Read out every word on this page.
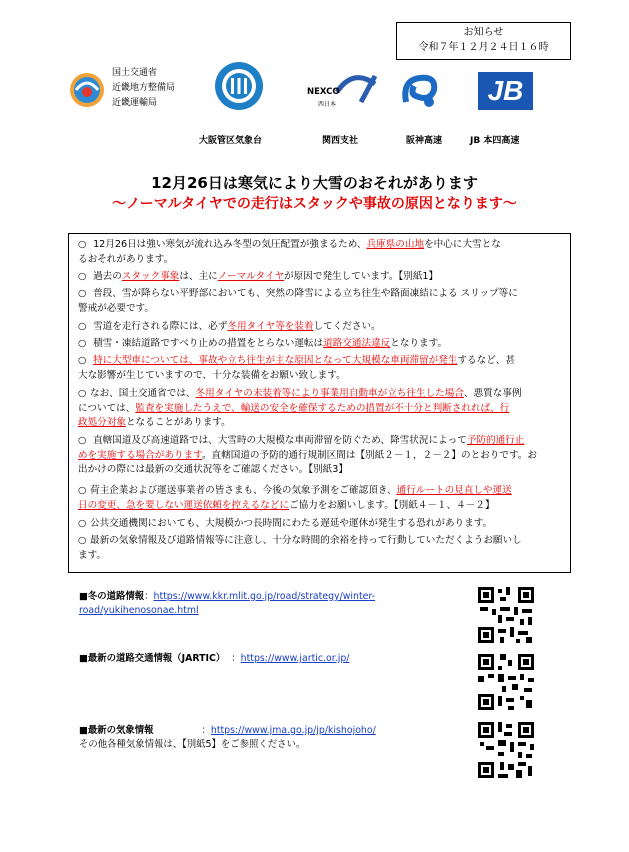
お知らせ
令和７年１２月２４日１６時
国土交通省
近畿地方整備局
近畿運輸局
大阪管区気象台
NEXCO
西日本
関西支社	阪神高速
JB
JB 本四高速
12月26日は寒気により大雪のおそれがあります
～ノーマルタイヤでの走行はスタックや事故の原因となります～
○ 12月26日は強い寒気が流れ込み冬型の気圧配置が強まるため、兵庫県の山地を中心に大雪とな
るおそれがあります。
○ 過去のスタック事象は、主にノーマルタイヤが原因で発生しています。【別紙1】
○ 普段、雪が降らない平野部においても、突然の降雪による立ち往生や路面凍結による スリップ等に
警戒が必要です。
○ 雪道を走行される際には、必ず冬用タイヤ等を装着してください。
○ 積雪・凍結道路ですべり止めの措置をとらない運転は道路交通法違反となります。
○ 特に大型車については、事故や立ち往生が主な原因となって大規模な車両滞留が発生するなど、甚
大な影響が生じていますので、十分な装備をお願い致します。
○ なお、国土交通省では、冬用タイヤの未装着等により事業用自動車が立ち往生した場合、悪質な事例
については、監査を実施したうえで、輸送の安全を確保するための措置が不十分と判断されれば、行
政処分対象となることがあります。
○ 直轄国道及び高速道路では、大雪時の大規模な車両滞留を防ぐため、降雪状況によって予防的通行止
めを実施する場合があります。直轄国道の予防的通行規制区間は【別紙２－１，２－２】のとおりです。お
出かけの際には最新の交通状況等をご確認ください。【別紙3】
○ 荷主企業および運送事業者の皆さまも、今後の気象予測をご確認頂き、通行ルートの見直しや運送
日の変更、急を要しない運送依頼を控えるなどにご協力をお願いします。【別紙４－１、４－２】
○ 公共交通機関においても、大規模かつ長時間にわたる遅延や運休が発生する恐れがあります。
○ 最新の気象情報及び道路情報等に注意し、十分な時間的余裕を持って行動していただくようお願いし
ます。
■冬の道路情報：https://www.kkr.mlit.go.jp/road/strategy/winter-
road/yukihenosonae.html
■最新の道路交通情報（JARTIC） ：https://www.jartic.or.jp/
■最新の気象情報	：https://www.jma.go.jp/jp/kishojoho/
その他各種気象情報は、【別紙5】をご参照ください。
